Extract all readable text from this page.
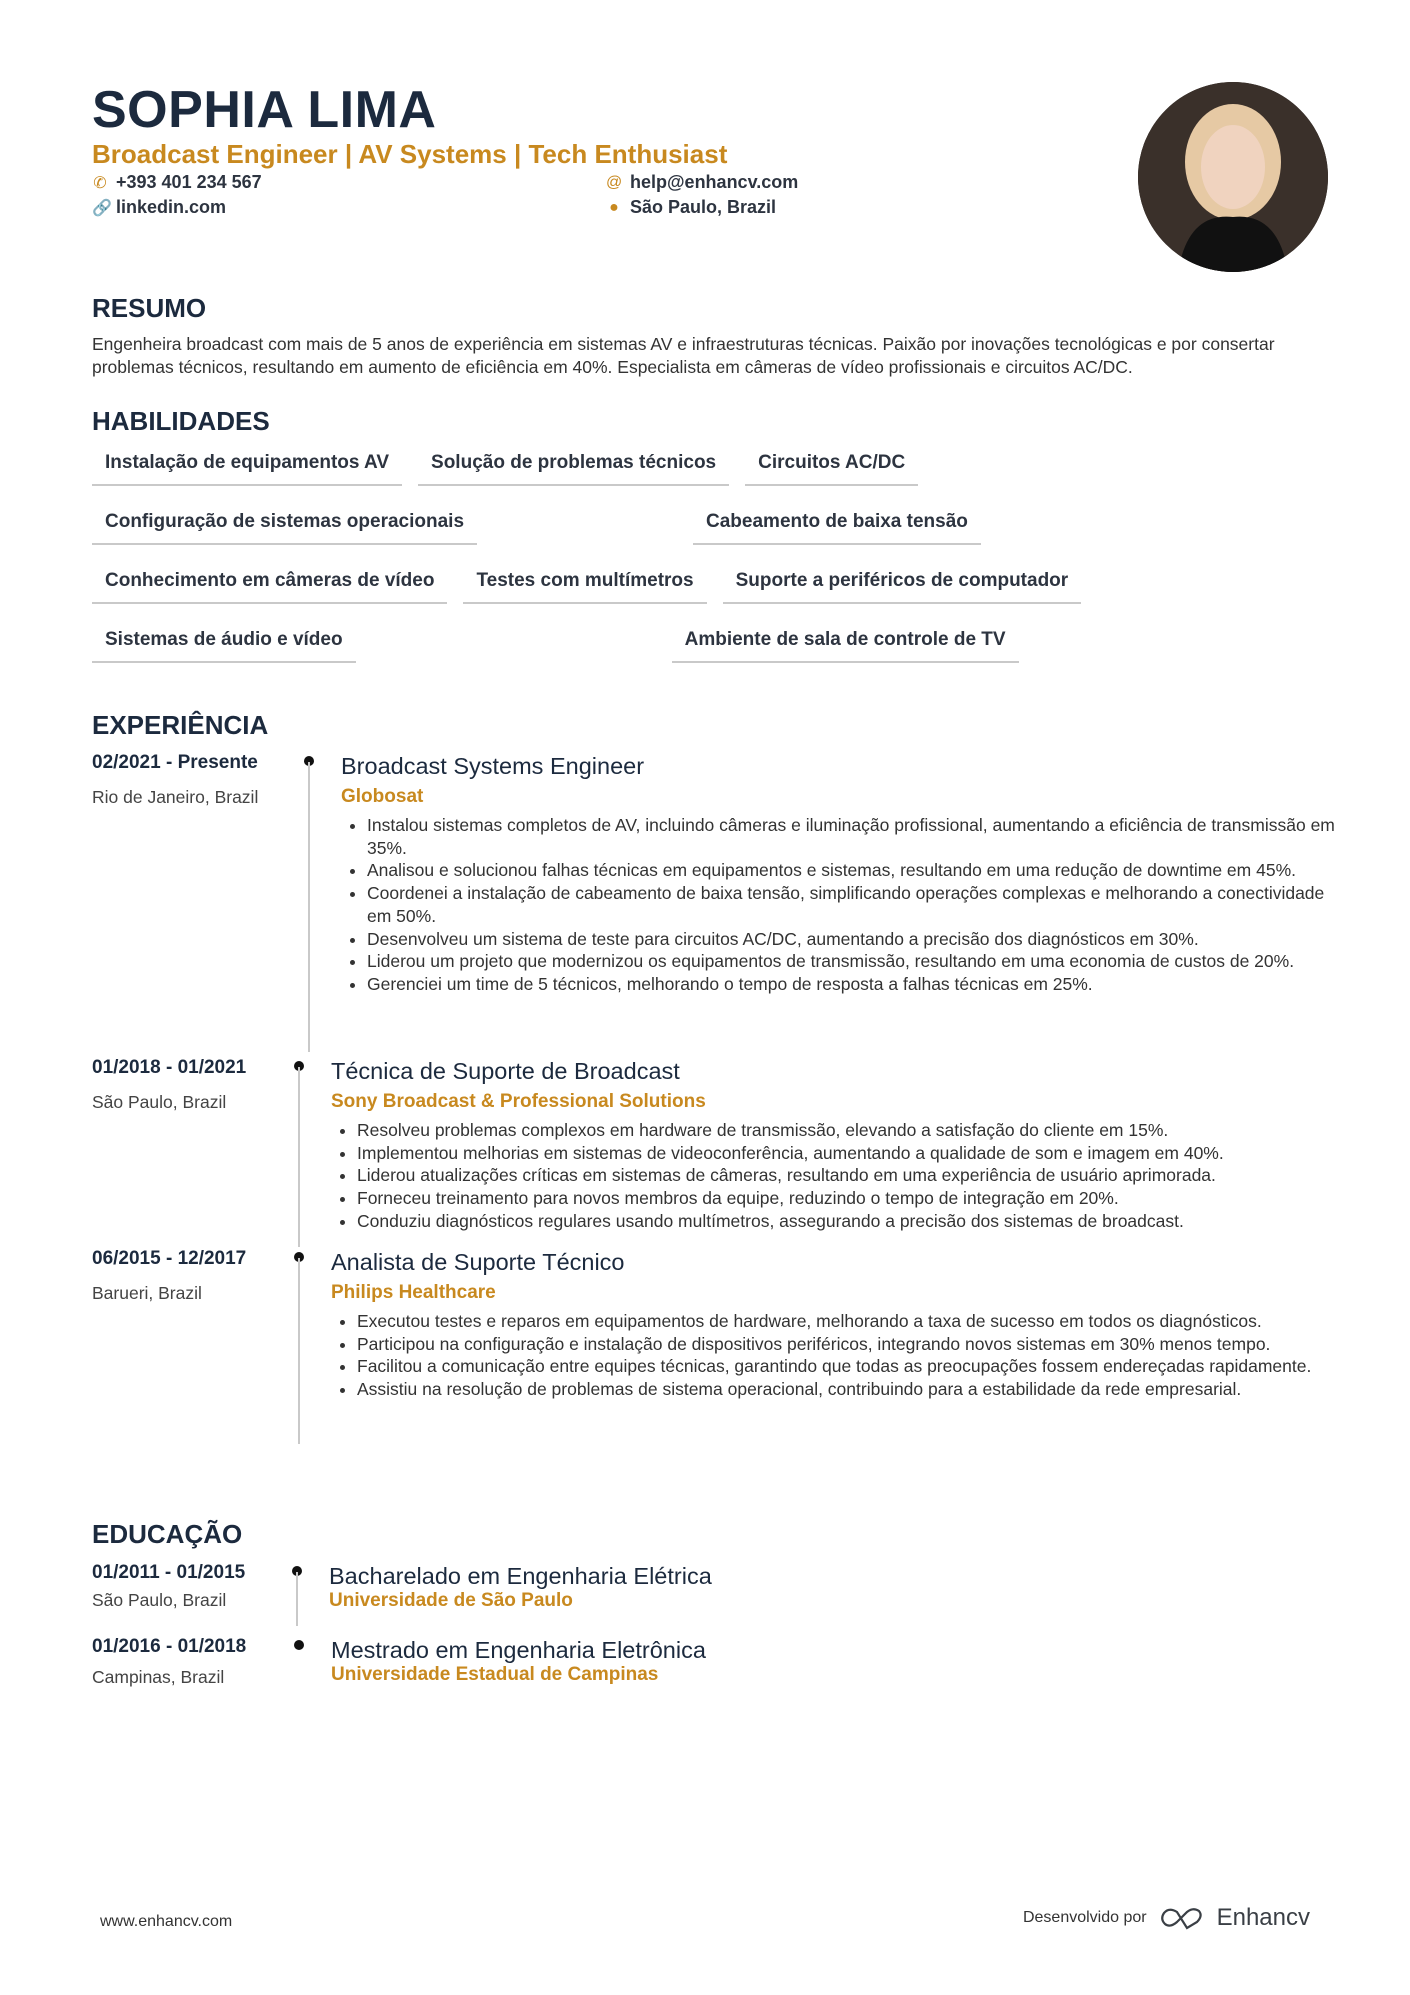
SOPHIA LIMA
Broadcast Engineer | AV Systems | Tech Enthusiast
✆ +393 401 234 567
🔗 linkedin.com
@ help@enhancv.com
● São Paulo, Brazil
RESUMO
Engenheira broadcast com mais de 5 anos de experiência em sistemas AV e infraestruturas técnicas. Paixão por inovações tecnológicas e por consertar problemas técnicos, resultando em aumento de eficiência em 40%. Especialista em câmeras de vídeo profissionais e circuitos AC/DC.
HABILIDADES
Instalação de equipamentos AV	Solução de problemas técnicos	Circuitos AC/DC
Configuração de sistemas operacionais	Cabeamento de baixa tensão
Conhecimento em câmeras de vídeo	Testes com multímetros	Suporte a periféricos de computador
Sistemas de áudio e vídeo	Ambiente de sala de controle de TV
EXPERIÊNCIA
02/2021 - Presente
Rio de Janeiro, Brazil
Broadcast Systems Engineer
Globosat
• Instalou sistemas completos de AV, incluindo câmeras e iluminação profissional, aumentando a eficiência de transmissão em 35%.
• Analisou e solucionou falhas técnicas em equipamentos e sistemas, resultando em uma redução de downtime em 45%.
• Coordenei a instalação de cabeamento de baixa tensão, simplificando operações complexas e melhorando a conectividade em 50%.
• Desenvolveu um sistema de teste para circuitos AC/DC, aumentando a precisão dos diagnósticos em 30%.
• Liderou um projeto que modernizou os equipamentos de transmissão, resultando em uma economia de custos de 20%.
• Gerenciei um time de 5 técnicos, melhorando o tempo de resposta a falhas técnicas em 25%.
01/2018 - 01/2021
São Paulo, Brazil
Técnica de Suporte de Broadcast
Sony Broadcast & Professional Solutions
• Resolveu problemas complexos em hardware de transmissão, elevando a satisfação do cliente em 15%.
• Implementou melhorias em sistemas de videoconferência, aumentando a qualidade de som e imagem em 40%.
• Liderou atualizações críticas em sistemas de câmeras, resultando em uma experiência de usuário aprimorada.
• Forneceu treinamento para novos membros da equipe, reduzindo o tempo de integração em 20%.
• Conduziu diagnósticos regulares usando multímetros, assegurando a precisão dos sistemas de broadcast.
06/2015 - 12/2017
Barueri, Brazil
Analista de Suporte Técnico
Philips Healthcare
• Executou testes e reparos em equipamentos de hardware, melhorando a taxa de sucesso em todos os diagnósticos.
• Participou na configuração e instalação de dispositivos periféricos, integrando novos sistemas em 30% menos tempo.
• Facilitou a comunicação entre equipes técnicas, garantindo que todas as preocupações fossem endereçadas rapidamente.
• Assistiu na resolução de problemas de sistema operacional, contribuindo para a estabilidade da rede empresarial.
EDUCAÇÃO
01/2011 - 01/2015
São Paulo, Brazil
Bacharelado em Engenharia Elétrica
Universidade de São Paulo
01/2016 - 01/2018
Campinas, Brazil
Mestrado em Engenharia Eletrônica
Universidade Estadual de Campinas
www.enhancv.com	Desenvolvido por	Enhancv
